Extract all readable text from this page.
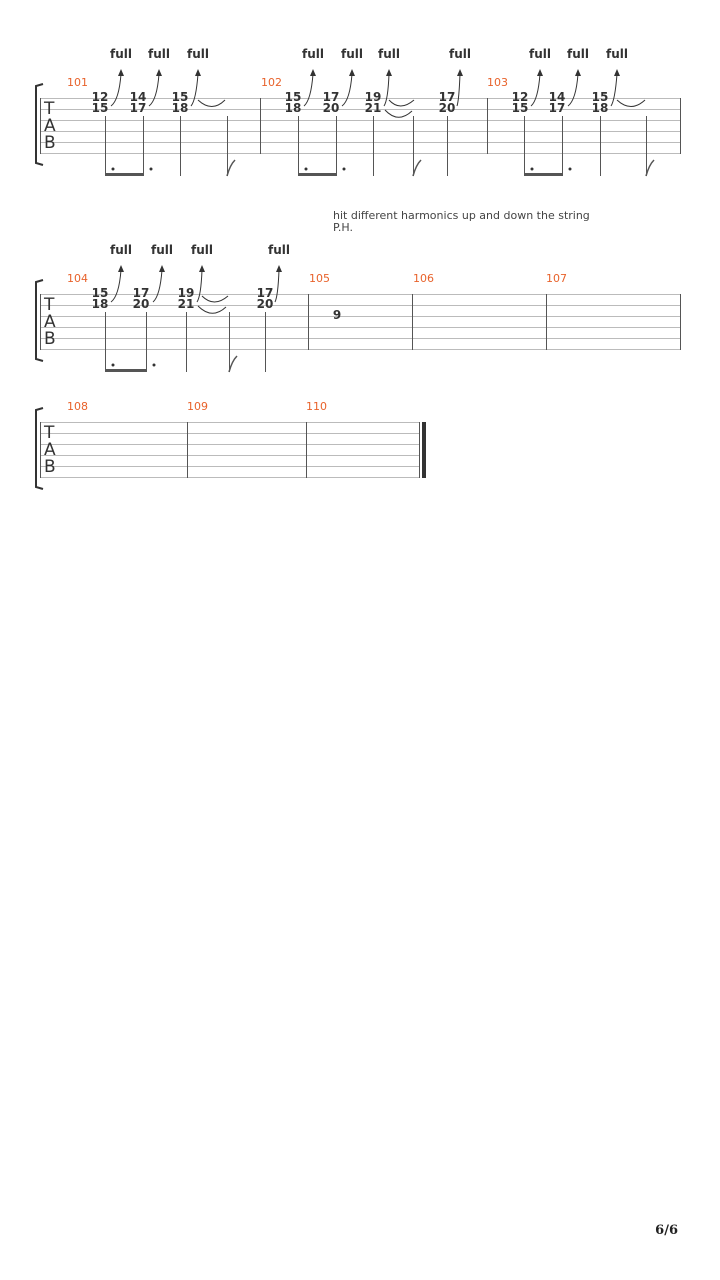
T
A
B
101
12
15
14
17
15
18
full full full
102
15
18
17
20
19
21
17
20
full full full	full
103
12
15
14
17
15
18
full full full
hit different harmonics up and down the string
P.H.
T
A
B
104
15
18
17
20
19
21
17
20
full full full	full
105
9
106	107
T
A
B
108	109	110
6/6
